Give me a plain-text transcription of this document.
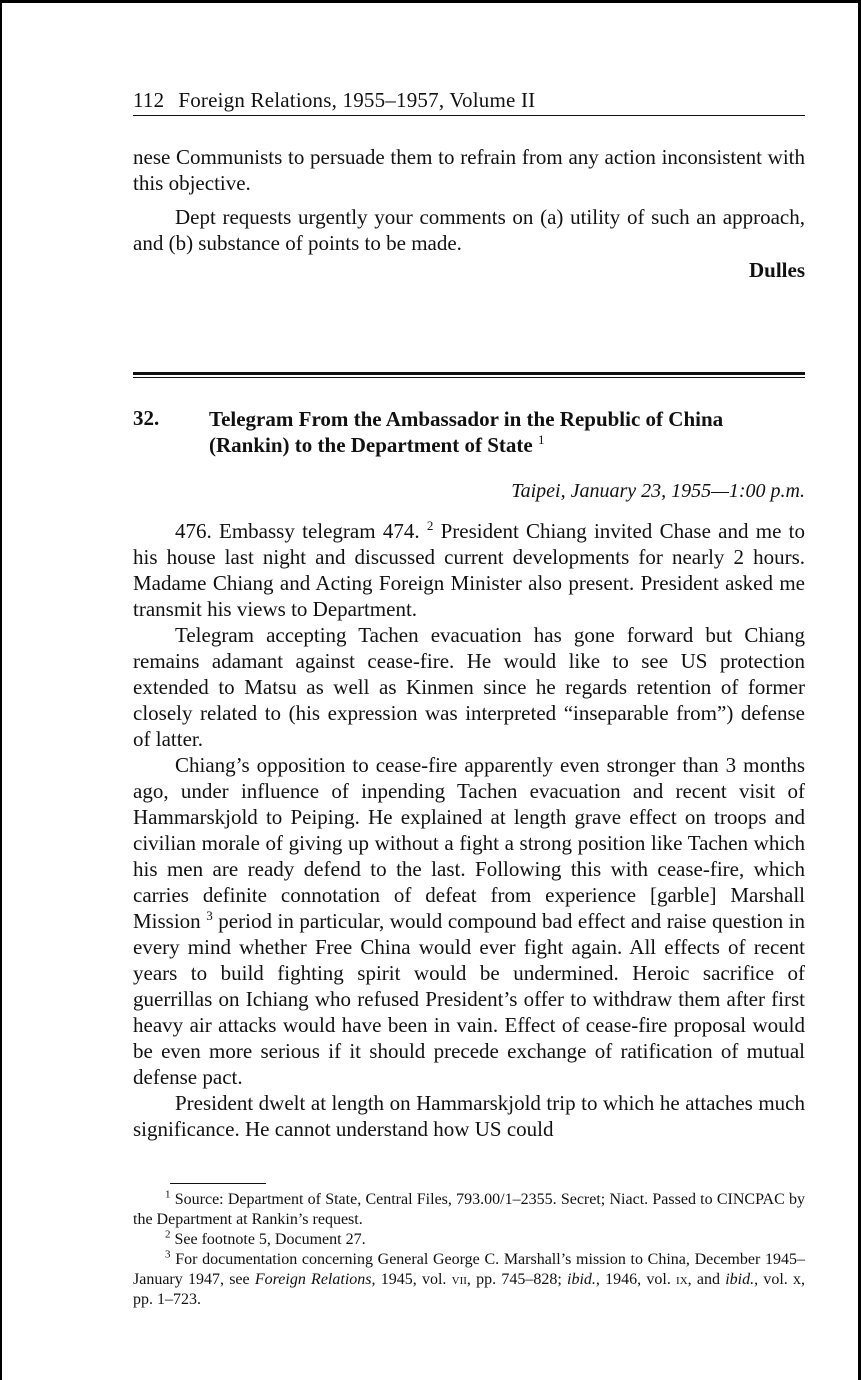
112 Foreign Relations, 1955–1957, Volume II
nese Communists to persuade them to refrain from any action inconsistent with this objective.
Dept requests urgently your comments on (a) utility of such an approach, and (b) substance of points to be made.
Dulles
32. Telegram From the Ambassador in the Republic of China (Rankin) to the Department of State $^1$
Taipei, January 23, 1955—1:00 p.m.
476. Embassy telegram 474. $^2$ President Chiang invited Chase and me to his house last night and discussed current developments for nearly 2 hours. Madame Chiang and Acting Foreign Minister also present. President asked me transmit his views to Department.
Telegram accepting Tachen evacuation has gone forward but Chiang remains adamant against cease-fire. He would like to see US protection extended to Matsu as well as Kinmen since he regards retention of former closely related to (his expression was interpreted “inseparable from”) defense of latter.
Chiang’s opposition to cease-fire apparently even stronger than 3 months ago, under influence of inpending Tachen evacuation and recent visit of Hammarskjold to Peiping. He explained at length grave effect on troops and civilian morale of giving up without a fight a strong position like Tachen which his men are ready defend to the last. Following this with cease-fire, which carries definite connotation of defeat from experience [garble] Marshall Mission $^3$ period in particular, would compound bad effect and raise question in every mind whether Free China would ever fight again. All effects of recent years to build fighting spirit would be undermined. Heroic sacrifice of guerrillas on Ichiang who refused President’s offer to withdraw them after first heavy air attacks would have been in vain. Effect of cease-fire proposal would be even more serious if it should precede exchange of ratification of mutual defense pact.
President dwelt at length on Hammarskjold trip to which he attaches much significance. He cannot understand how US could

$^1$ Source: Department of State, Central Files, 793.00/1–2355. Secret; Niact. Passed to CINCPAC by the Department at Rankin’s request.

$^2$ See footnote 5, Document 27.

$^3$ For documentation concerning General George C. Marshall’s mission to China, December 1945–January 1947, see Foreign Relations, 1945, vol. vii, pp. 745–828; ibid., 1946, vol. ix, and ibid., vol. x, pp. 1–723.
